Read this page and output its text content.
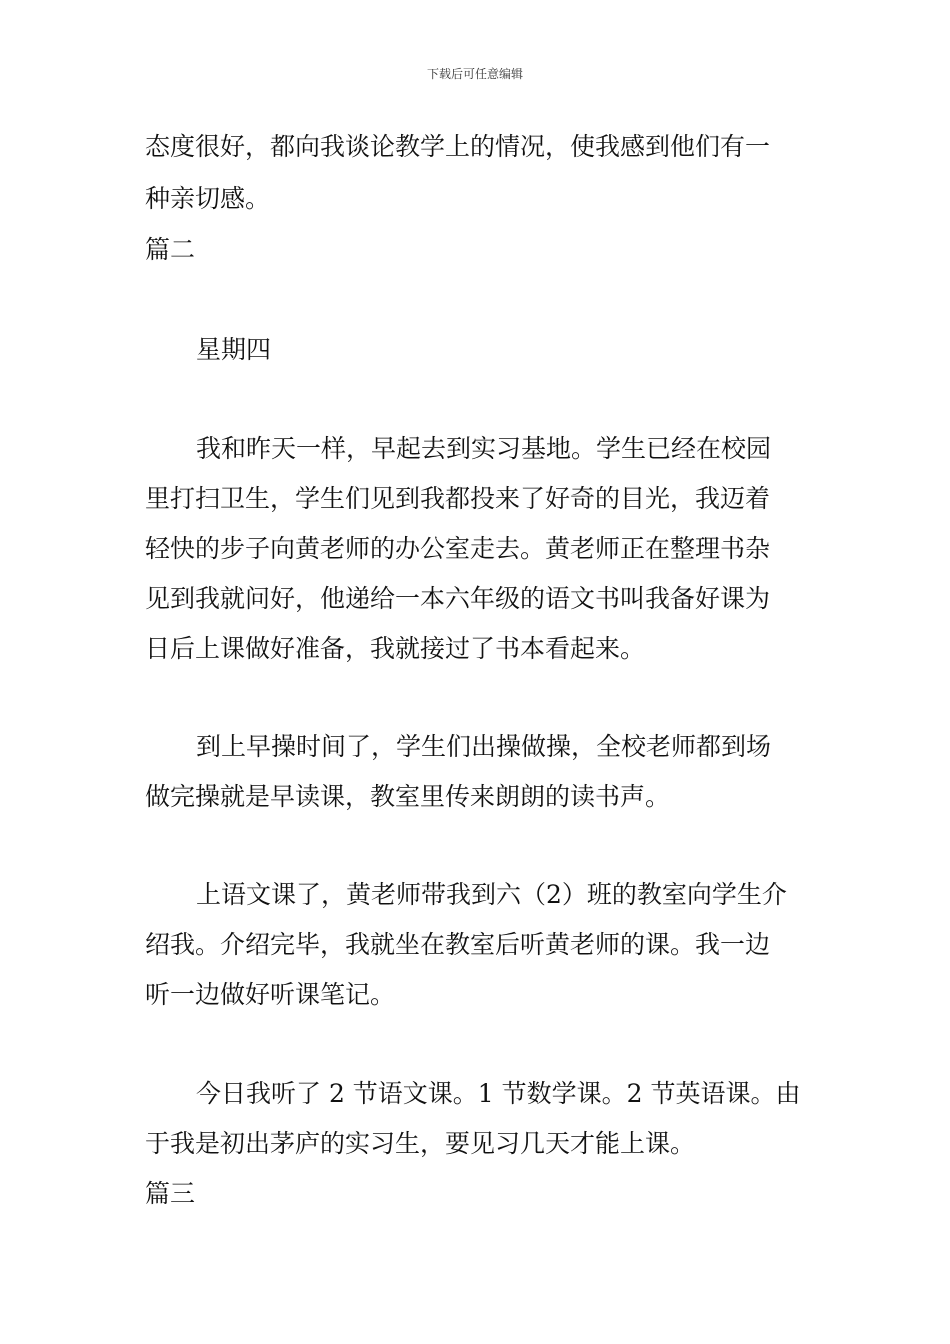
下载后可任意编辑
态度很好，都向我谈论教学上的情况，使我感到他们有一
种亲切感。
篇二
星期四
我和昨天一样，早起去到实习基地。学生已经在校园
里打扫卫生，学生们见到我都投来了好奇的目光，我迈着
轻快的步子向黄老师的办公室走去。黄老师正在整理书杂
见到我就问好，他递给一本六年级的语文书叫我备好课为
日后上课做好准备，我就接过了书本看起来。
到上早操时间了，学生们出操做操，全校老师都到场
做完操就是早读课，教室里传来朗朗的读书声。
上语文课了，黄老师带我到六（2）班的教室向学生介
绍我。介绍完毕，我就坐在教室后听黄老师的课。我一边
听一边做好听课笔记。
今日我听了 2 节语文课。1 节数学课。2 节英语课。由
于我是初出茅庐的实习生，要见习几天才能上课。
篇三
